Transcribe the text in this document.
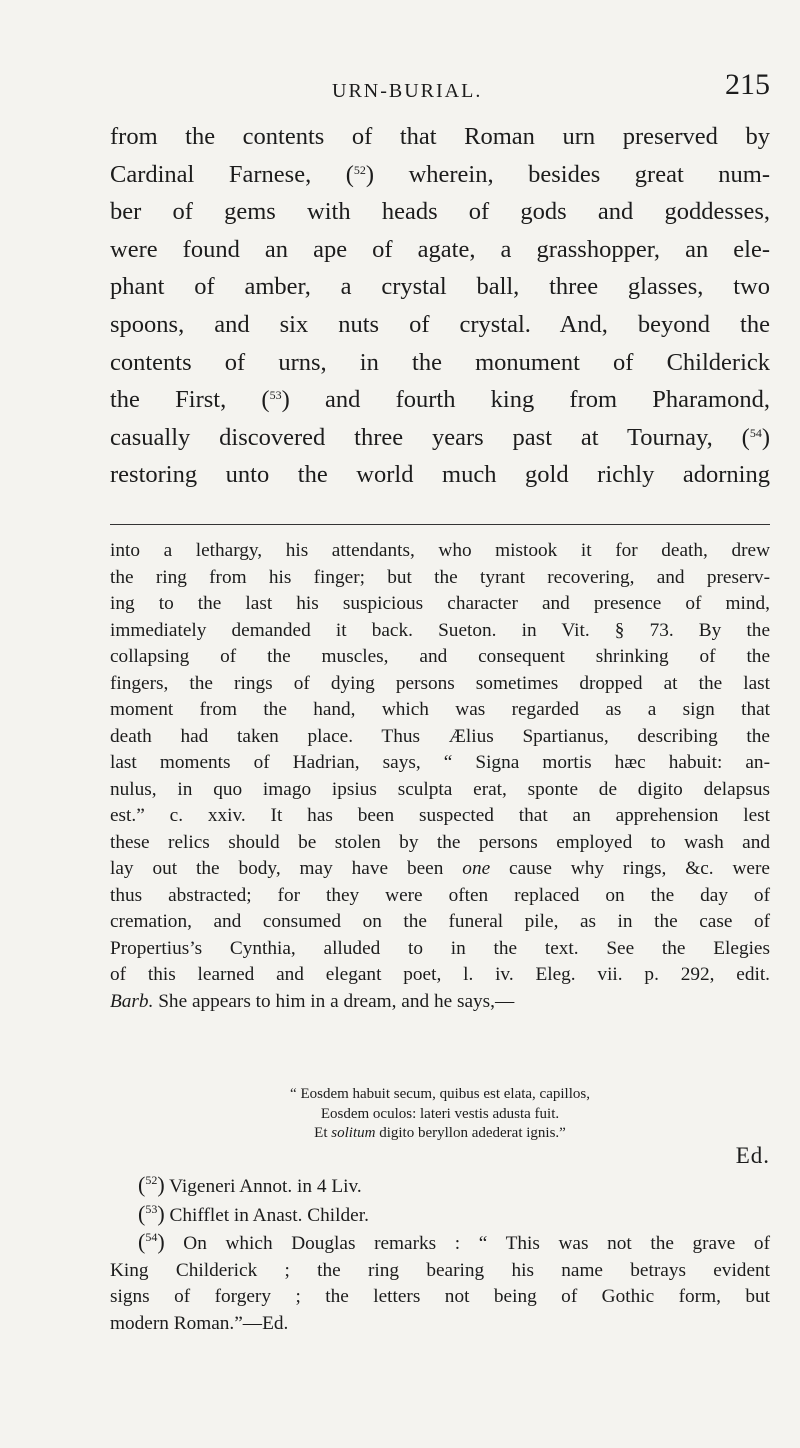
URN-BURIAL.	215
from the contents of that Roman urn preserved by
Cardinal Farnese, ($^{52}$) wherein, besides great num-
ber of gems with heads of gods and goddesses,
were found an ape of agate, a grasshopper, an ele-
phant of amber, a crystal ball, three glasses, two
spoons, and six nuts of crystal. And, beyond the
contents of urns, in the monument of Childerick
the First, ($^{53}$) and fourth king from Pharamond,
casually discovered three years past at Tournay, ($^{54}$)
restoring unto the world much gold richly adorning
into a lethargy, his attendants, who mistook it for death, drew
the ring from his finger; but the tyrant recovering, and preserv-
ing to the last his suspicious character and presence of mind,
immediately demanded it back. Sueton. in Vit. § 73. By the
collapsing of the muscles, and consequent shrinking of the
fingers, the rings of dying persons sometimes dropped at the last
moment from the hand, which was regarded as a sign that
death had taken place. Thus Ælius Spartianus, describing the
last moments of Hadrian, says, “ Signa mortis hæc habuit: an-
nulus, in quo imago ipsius sculpta erat, sponte de digito delapsus
est.” c. xxiv. It has been suspected that an apprehension lest
these relics should be stolen by the persons employed to wash and
lay out the body, may have been one cause why rings, &c. were
thus abstracted; for they were often replaced on the day of
cremation, and consumed on the funeral pile, as in the case of
Propertius’s Cynthia, alluded to in the text. See the Elegies
of this learned and elegant poet, l. iv. Eleg. vii. p. 292, edit.
Barb. She appears to him in a dream, and he says,—
“ Eosdem habuit secum, quibus est elata, capillos,
Eosdem oculos: lateri vestis adusta fuit.
Et solitum digito beryllon adederat ignis.”
Ed.
($^{52}$) Vigeneri Annot. in 4 Liv.
($^{53}$) Chifflet in Anast. Childer.
($^{54}$) On which Douglas remarks : “ This was not the grave of
King Childerick ; the ring bearing his name betrays evident
signs of forgery ; the letters not being of Gothic form, but
modern Roman.”—Ed.
